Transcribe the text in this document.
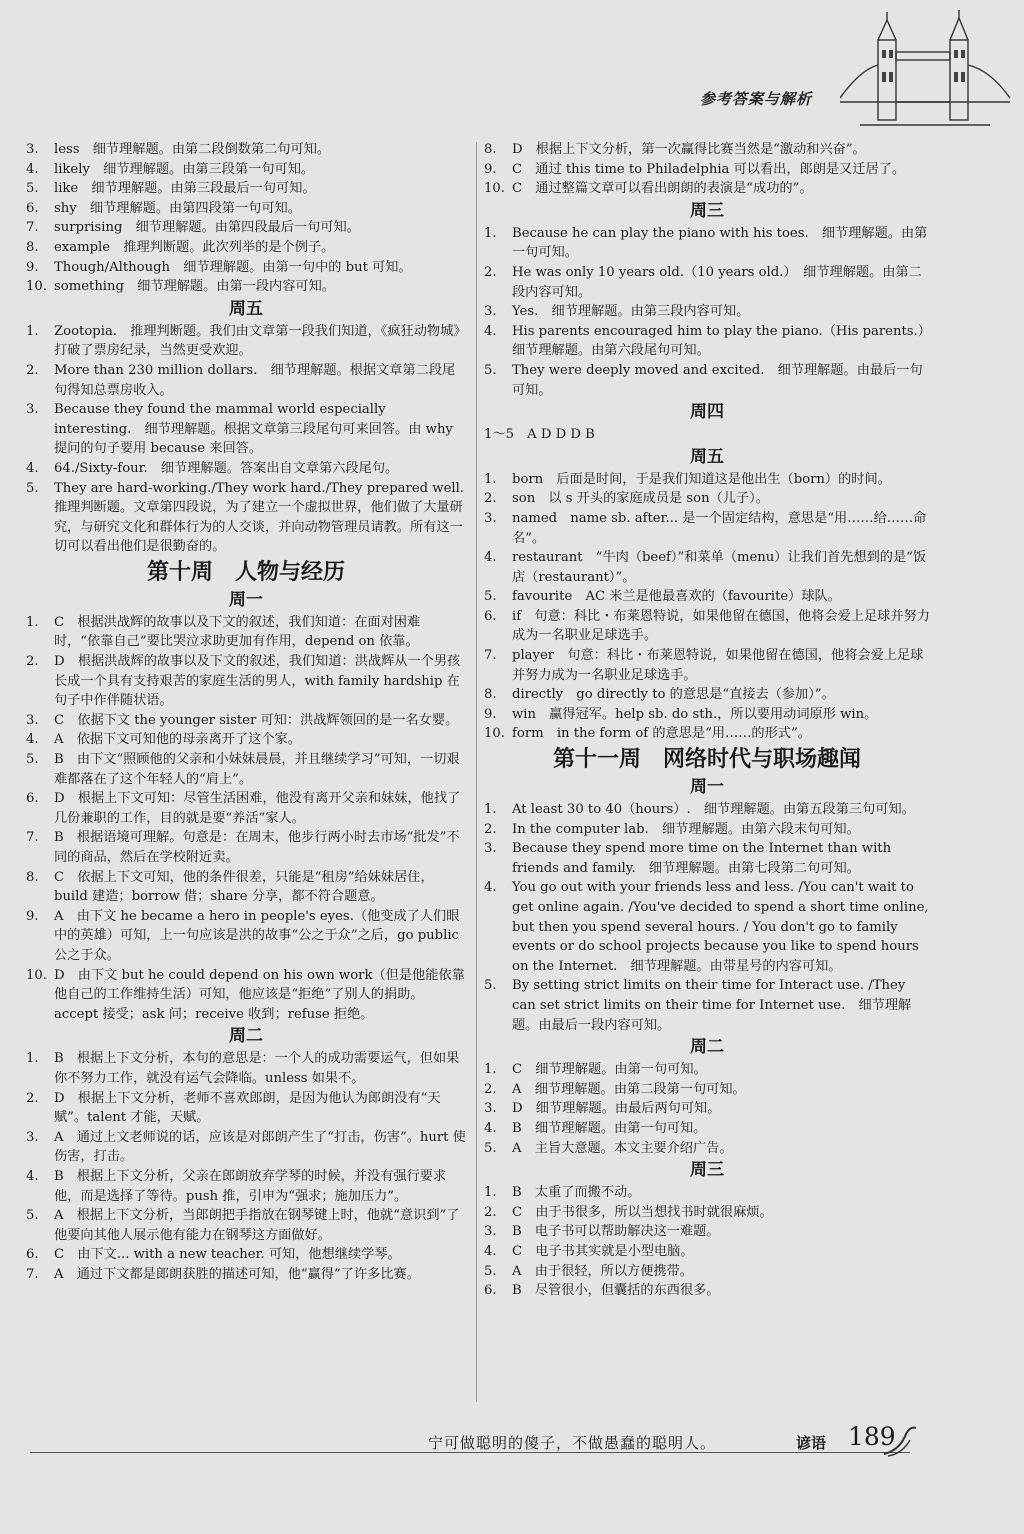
参考答案与解析
3.	less　细节理解题。由第二段倒数第二句可知。
4.	likely　细节理解题。由第三段第一句可知。
5.	like　细节理解题。由第三段最后一句可知。
6.	shy　细节理解题。由第四段第一句可知。
7.	surprising　细节理解题。由第四段最后一句可知。
8.	example　推理判断题。此次列举的是个例子。
9.	Though/Although　细节理解题。由第一句中的 but 可知。
10. something　细节理解题。由第一段内容可知。
周五
1.	Zootopia.　推理判断题。我们由文章第一段我们知道，《疯狂动物城》打破了票房纪录，当然更受欢迎。
2.	More than 230 million dollars.　细节理解题。根据文章第二段尾句得知总票房收入。
3.	Because they found the mammal world especially interesting.　细节理解题。根据文章第三段尾句可来回答。由 why 提问的句子要用 because 来回答。
4.	64./Sixty-four.　细节理解题。答案出自文章第六段尾句。
5.	They are hard-working./They work hard./They prepared well.　推理判断题。文章第四段说，为了建立一个虚拟世界，他们做了大量研究，与研究文化和群体行为的人交谈，并向动物管理员请教。所有这一切可以看出他们是很勤奋的。
第十周　人物与经历
周一
1.	C　根据洪战辉的故事以及下文的叙述，我们知道：在面对困难时，“依靠自己”要比哭泣求助更加有作用，depend on 依靠。
2.	D　根据洪战辉的故事以及下文的叙述，我们知道：洪战辉从一个男孩长成一个具有支持艰苦的家庭生活的男人，with family hardship 在句子中作伴随状语。
3.	C　依据下文 the younger sister 可知：洪战辉领回的是一名女婴。
4.	A　依据下文可知他的母亲离开了这个家。
5.	B　由下文“照顾他的父亲和小妹妹晨晨，并且继续学习”可知，一切艰难都落在了这个年轻人的“肩上”。
6.	D　根据上下文可知：尽管生活困难，他没有离开父亲和妹妹，他找了几份兼职的工作，目的就是要“养活”家人。
7.	B　根据语境可理解。句意是：在周末，他步行两小时去市场“批发”不同的商品，然后在学校附近卖。
8.	C　依据上下文可知，他的条件很差，只能是“租房”给妹妹居住，build 建造；borrow 借；share 分享，都不符合题意。
9.	A　由下文 he became a hero in people's eyes.（他变成了人们眼中的英雄）可知，上一句应该是洪的故事“公之于众”之后，go public 公之于众。
10. D　由下文 but he could depend on his own work（但是他能依靠他自己的工作维持生活）可知，他应该是“拒绝”了别人的捐助。accept 接受；ask 问；receive 收到；refuse 拒绝。
周二
1.	B　根据上下文分析，本句的意思是：一个人的成功需要运气，但如果你不努力工作，就没有运气会降临。unless 如果不。
2.	D　根据上下文分析，老师不喜欢郎朗，是因为他认为郎朗没有“天赋”。talent 才能，天赋。
3.	A　通过上文老师说的话，应该是对郎朗产生了“打击，伤害”。hurt 使伤害，打击。
4.	B　根据上下文分析，父亲在郎朗放弃学琴的时候，并没有强行要求他，而是选择了等待。push 推，引申为“强求；施加压力”。
5.	A　根据上下文分析，当郎朗把手指放在钢琴键上时，他就“意识到”了他要向其他人展示他有能力在钢琴这方面做好。
6.	C　由下文... with a new teacher. 可知，他想继续学琴。
7.	A　通过下文都是郎朗获胜的描述可知，他“赢得”了许多比赛。
8.	D　根据上下文分析，第一次赢得比赛当然是“激动和兴奋”。
9.	C　通过 this time to Philadelphia 可以看出，郎朗是又迁居了。
10. C　通过整篇文章可以看出朗朗的表演是“成功的”。
周三
1.	Because he can play the piano with his toes.　细节理解题。由第一句可知。
2.	He was only 10 years old.（10 years old.）　细节理解题。由第二段内容可知。
3.	Yes.　细节理解题。由第三段内容可知。
4.	His parents encouraged him to play the piano.（His parents.）　细节理解题。由第六段尾句可知。
5.	They were deeply moved and excited.　细节理解题。由最后一句可知。
周四
1～5　A D D D B
周五
1.	born　后面是时间，于是我们知道这是他出生（born）的时间。
2.	son　以 s 开头的家庭成员是 son（儿子）。
3.	named　name sb. after... 是一个固定结构，意思是“用……给……命名”。
4.	restaurant　“牛肉（beef）”和菜单（menu）让我们首先想到的是“饭店（restaurant）”。
5.	favourite　AC 米兰是他最喜欢的（favourite）球队。
6.	if　句意：科比・布莱恩特说，如果他留在德国，他将会爱上足球并努力成为一名职业足球选手。
7.	player　句意：科比・布莱恩特说，如果他留在德国，他将会爱上足球并努力成为一名职业足球选手。
8.	directly　go directly to 的意思是“直接去（参加）”。
9.	win　赢得冠军。help sb. do sth.，所以要用动词原形 win。
10. form　in the form of 的意思是“用……的形式”。
第十一周　网络时代与职场趣闻
周一
1.	At least 30 to 40（hours）.　细节理解题。由第五段第三句可知。
2.	In the computer lab.　细节理解题。由第六段末句可知。
3.	Because they spend more time on the Internet than with friends and family.　细节理解题。由第七段第二句可知。
4.	You go out with your friends less and less. /You can't wait to get online again. /You've decided to spend a short time online, but then you spend several hours. / You don't go to family events or do school projects because you like to spend hours on the Internet.　细节理解题。由带星号的内容可知。
5.	By setting strict limits on their time for Interact use. /They can set strict limits on their time for Internet use.　细节理解题。由最后一段内容可知。
周二
1.	C　细节理解题。由第一句可知。
2.	A　细节理解题。由第二段第一句可知。
3.	D　细节理解题。由最后两句可知。
4.	B　细节理解题。由第一句可知。
5.	A　主旨大意题。本文主要介绍广告。
周三
1.	B　太重了而搬不动。
2.	C　由于书很多，所以当想找书时就很麻烦。
3.	B　电子书可以帮助解决这一难题。
4.	C　电子书其实就是小型电脑。
5.	A　由于很轻，所以方便携带。
6.	B　尽管很小，但囊括的东西很多。
宁可做聪明的傻子，不做愚蠢的聪明人。	谚语 189
